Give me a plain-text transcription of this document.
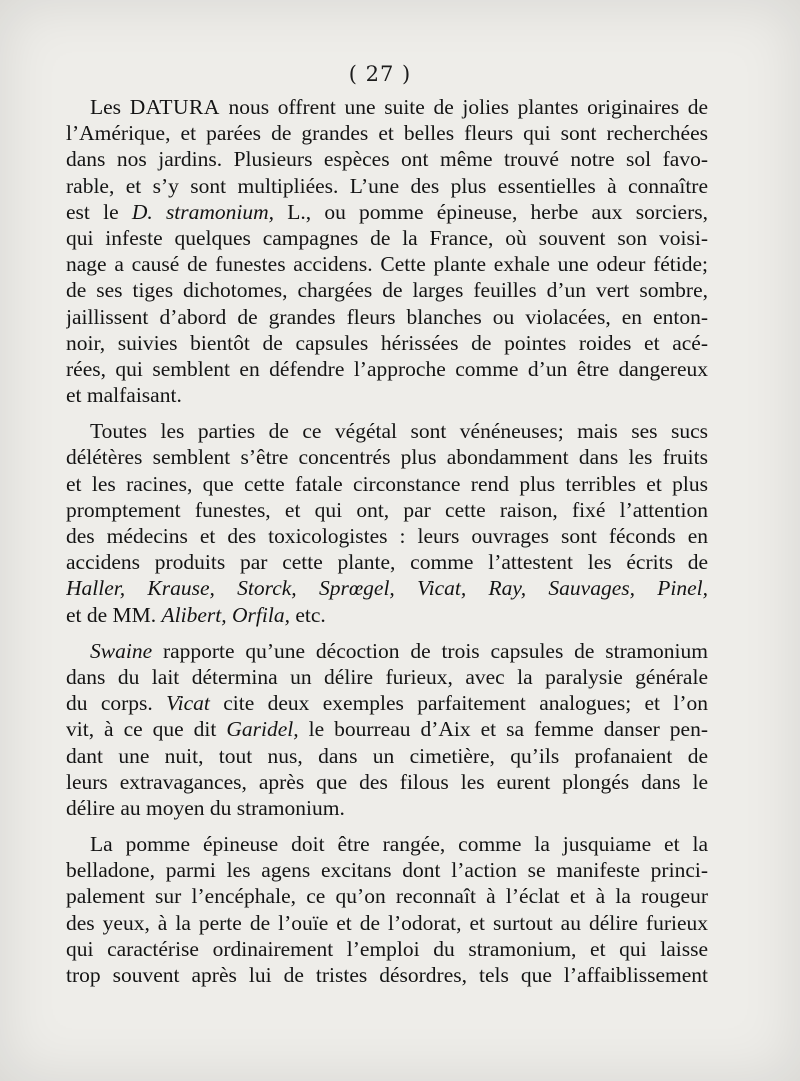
( 27 )
Les DATURA nous offrent une suite de jolies plantes originaires de
l’Amérique, et parées de grandes et belles fleurs qui sont recherchées
dans nos jardins. Plusieurs espèces ont même trouvé notre sol favo-
rable, et s’y sont multipliées. L’une des plus essentielles à connaître
est le D. stramonium, L., ou pomme épineuse, herbe aux sorciers,
qui infeste quelques campagnes de la France, où souvent son voisi-
nage a causé de funestes accidens. Cette plante exhale une odeur fétide;
de ses tiges dichotomes, chargées de larges feuilles d’un vert sombre,
jaillissent d’abord de grandes fleurs blanches ou violacées, en enton-
noir, suivies bientôt de capsules hérissées de pointes roides et acé-
rées, qui semblent en défendre l’approche comme d’un être dangereux
et malfaisant.
Toutes les parties de ce végétal sont vénéneuses; mais ses sucs
délétères semblent s’être concentrés plus abondamment dans les fruits
et les racines, que cette fatale circonstance rend plus terribles et plus
promptement funestes, et qui ont, par cette raison, fixé l’attention
des médecins et des toxicologistes : leurs ouvrages sont féconds en
accidens produits par cette plante, comme l’attestent les écrits de
Haller, Krause, Storck, Sprœgel, Vicat, Ray, Sauvages, Pinel,
et de MM. Alibert, Orfila, etc.
Swaine rapporte qu’une décoction de trois capsules de stramonium
dans du lait détermina un délire furieux, avec la paralysie générale
du corps. Vicat cite deux exemples parfaitement analogues; et l’on
vit, à ce que dit Garidel, le bourreau d’Aix et sa femme danser pen-
dant une nuit, tout nus, dans un cimetière, qu’ils profanaient de
leurs extravagances, après que des filous les eurent plongés dans le
délire au moyen du stramonium.
La pomme épineuse doit être rangée, comme la jusquiame et la
belladone, parmi les agens excitans dont l’action se manifeste princi-
palement sur l’encéphale, ce qu’on reconnaît à l’éclat et à la rougeur
des yeux, à la perte de l’ouïe et de l’odorat, et surtout au délire furieux
qui caractérise ordinairement l’emploi du stramonium, et qui laisse
trop souvent après lui de tristes désordres, tels que l’affaiblissement
